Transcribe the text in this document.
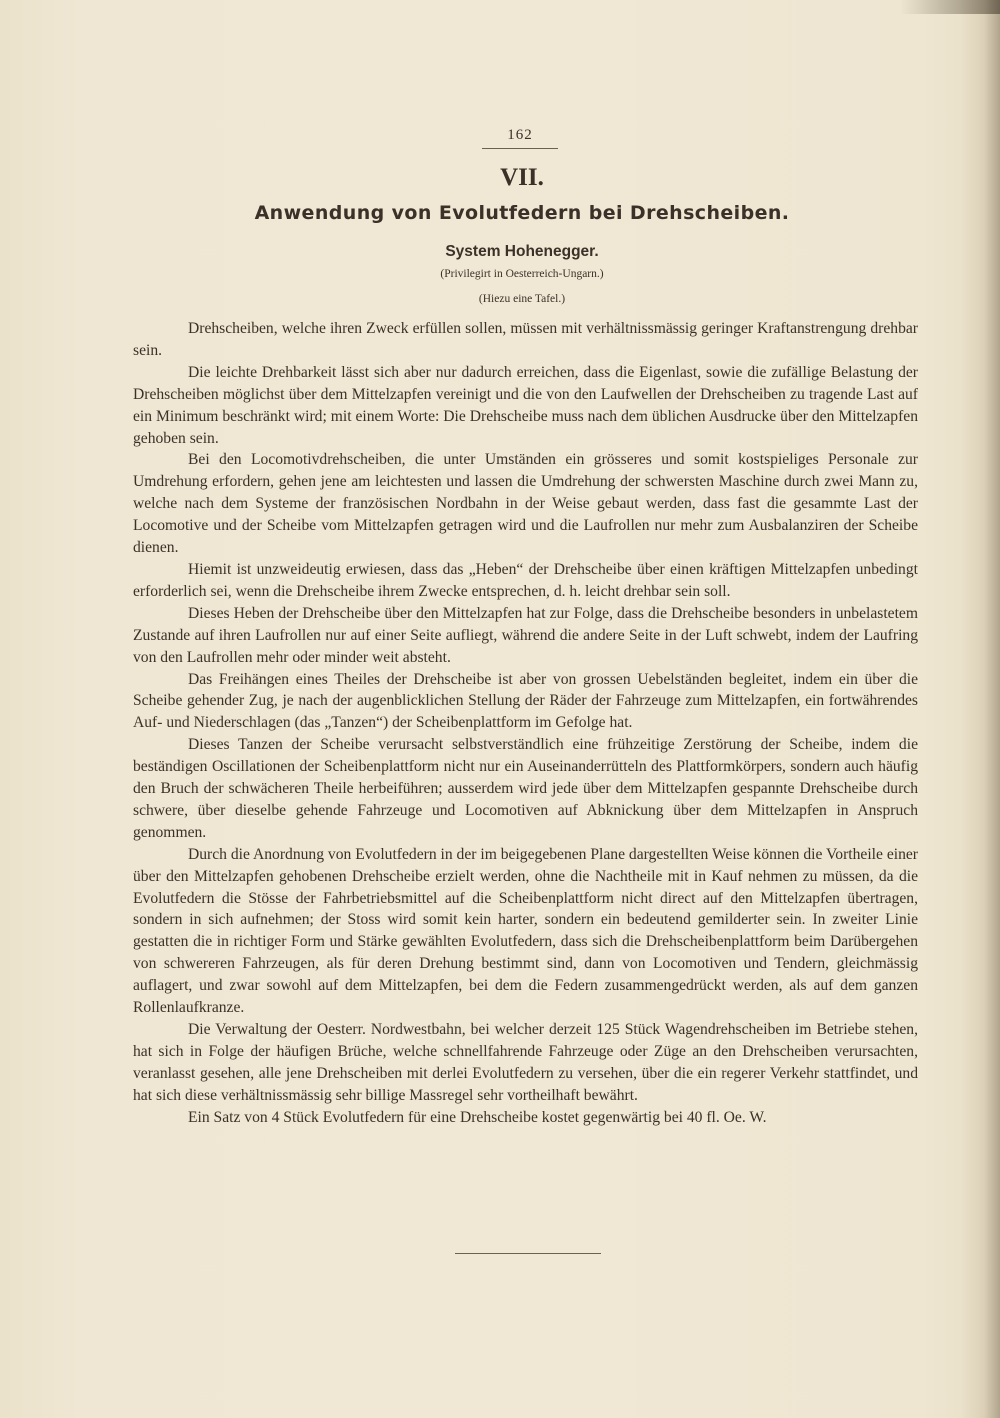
162
VII.
Anwendung von Evolutfedern bei Drehscheiben.
System Hohenegger.
(Privilegirt in Oesterreich-Ungarn.)
(Hiezu eine Tafel.)

Drehscheiben, welche ihren Zweck erfüllen sollen, müssen mit verhältnissmässig geringer Kraftanstrengung drehbar sein.

Die leichte Drehbarkeit lässt sich aber nur dadurch erreichen, dass die Eigenlast, sowie die zufällige Belastung der Drehscheiben möglichst über dem Mittelzapfen vereinigt und die von den Laufwellen der Drehscheiben zu tragende Last auf ein Minimum beschränkt wird; mit einem Worte: Die Drehscheibe muss nach dem üblichen Ausdrucke über den Mittelzapfen gehoben sein.

Bei den Locomotivdrehscheiben, die unter Umständen ein grösseres und somit kostspieliges Personale zur Umdrehung erfordern, gehen jene am leichtesten und lassen die Umdrehung der schwersten Maschine durch zwei Mann zu, welche nach dem Systeme der französischen Nordbahn in der Weise gebaut werden, dass fast die gesammte Last der Locomotive und der Scheibe vom Mittelzapfen getragen wird und die Laufrollen nur mehr zum Ausbalanziren der Scheibe dienen.

Hiemit ist unzweideutig erwiesen, dass das „Heben“ der Drehscheibe über einen kräftigen Mittelzapfen unbedingt erforderlich sei, wenn die Drehscheibe ihrem Zwecke entsprechen, d. h. leicht drehbar sein soll.

Dieses Heben der Drehscheibe über den Mittelzapfen hat zur Folge, dass die Drehscheibe besonders in unbelastetem Zustande auf ihren Laufrollen nur auf einer Seite aufliegt, während die andere Seite in der Luft schwebt, indem der Laufring von den Laufrollen mehr oder minder weit absteht.

Das Freihängen eines Theiles der Drehscheibe ist aber von grossen Uebelständen begleitet, indem ein über die Scheibe gehender Zug, je nach der augenblicklichen Stellung der Räder der Fahrzeuge zum Mittelzapfen, ein fortwährendes Auf- und Niederschlagen (das „Tanzen“) der Scheibenplattform im Gefolge hat.

Dieses Tanzen der Scheibe verursacht selbstverständlich eine frühzeitige Zerstörung der Scheibe, indem die beständigen Oscillationen der Scheibenplattform nicht nur ein Auseinanderrütteln des Plattformkörpers, sondern auch häufig den Bruch der schwächeren Theile herbeiführen; ausserdem wird jede über dem Mittelzapfen gespannte Drehscheibe durch schwere, über dieselbe gehende Fahrzeuge und Locomotiven auf Abknickung über dem Mittelzapfen in Anspruch genommen.

Durch die Anordnung von Evolutfedern in der im beigegebenen Plane dargestellten Weise können die Vortheile einer über den Mittelzapfen gehobenen Drehscheibe erzielt werden, ohne die Nachtheile mit in Kauf nehmen zu müssen, da die Evolutfedern die Stösse der Fahrbetriebsmittel auf die Scheibenplattform nicht direct auf den Mittelzapfen übertragen, sondern in sich aufnehmen; der Stoss wird somit kein harter, sondern ein bedeutend gemilderter sein. In zweiter Linie gestatten die in richtiger Form und Stärke gewählten Evolutfedern, dass sich die Drehscheibenplattform beim Darübergehen von schwereren Fahrzeugen, als für deren Drehung bestimmt sind, dann von Locomotiven und Tendern, gleichmässig auflagert, und zwar sowohl auf dem Mittelzapfen, bei dem die Federn zusammengedrückt werden, als auf dem ganzen Rollenlaufkranze.

Die Verwaltung der Oesterr. Nordwestbahn, bei welcher derzeit 125 Stück Wagendrehscheiben im Betriebe stehen, hat sich in Folge der häufigen Brüche, welche schnellfahrende Fahrzeuge oder Züge an den Drehscheiben verursachten, veranlasst gesehen, alle jene Drehscheiben mit derlei Evolutfedern zu versehen, über die ein regerer Verkehr stattfindet, und hat sich diese verhältnissmässig sehr billige Massregel sehr vortheilhaft bewährt.

Ein Satz von 4 Stück Evolutfedern für eine Drehscheibe kostet gegenwärtig bei 40 fl. Oe. W.
